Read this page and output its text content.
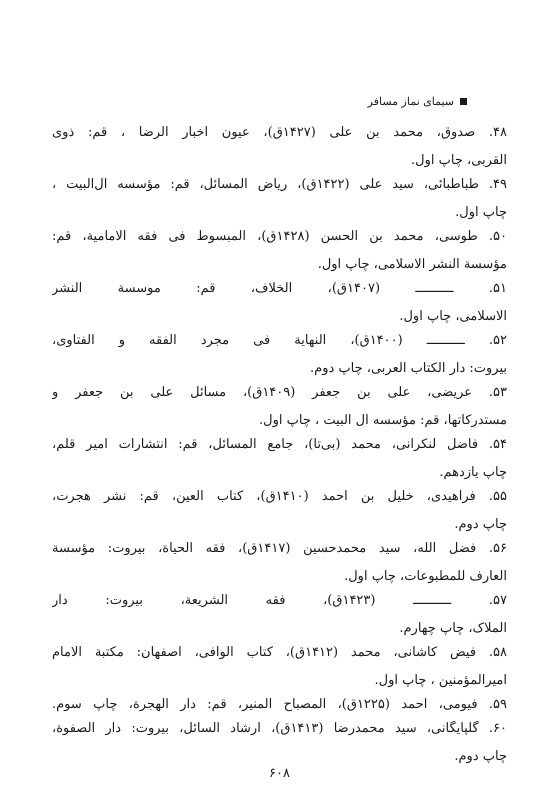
سیمای نماز مسافر
۴۸. صدوق، محمد بن علی (۱۴۲۷ق)، عیون اخبار الرضا ، قم: ذوی
القربی، چاپ اول.
۴۹. طباطبائی، سید علی (۱۴۲۲ق)، ریاض المسائل، قم: مؤسسه آل‌البیت ،
چاپ اول.
۵۰. طوسی، محمد بن الحسن (۱۴۲۸ق)، المبسوط فی فقه الامامیة، قم:
مؤسسة النشر الاسلامی، چاپ اول.
۵۱. ــــــــــ (۱۴۰۷ق)، الخلاف، قم: موسسة النشر
الاسلامی، چاپ اول.
۵۲. ــــــــــ (۱۴۰۰ق)، النهایة فی مجرد الفقه و الفتاوی،
بیروت: دار الکتاب العربی، چاپ دوم.
۵۳. عریضی، علی بن جعفر (۱۴۰۹ق)، مسائل علی بن جعفر و
مستدرکاتها، قم: مؤسسه آل البیت ، چاپ اول.
۵۴. فاضل لنکرانی، محمد (بی‌تا)، جامع المسائل، قم: انتشارات امیر قلم،
چاپ یازدهم.
۵۵. فراهیدی، خلیل بن احمد (۱۴۱۰ق)، کتاب العین، قم: نشر هجرت،
چاپ دوم.
۵۶. فضل الله، سید محمدحسین (۱۴۱۷ق)، فقه الحیاة، بیروت: مؤسسة
العارف للمطبوعات، چاپ اول.
۵۷. ــــــــــ (۱۴۲۳ق)، فقه الشریعة، بیروت: دار
الملاک، چاپ چهارم.
۵۸. فیض کاشانی، محمد (۱۴۱۲ق)، کتاب الوافی، اصفهان: مکتبة الامام
امیرالمؤمنین ، چاپ اول.
۵۹. فیومی، احمد (۱۲۲۵ق)، المصباح المنیر، قم: دار الهجرة، چاپ سوم.
۶۰. گلپایگانی، سید محمدرضا (۱۴۱۳ق)، ارشاد السائل، بیروت: دار الصفوة،
چاپ دوم.
۶۰۸
